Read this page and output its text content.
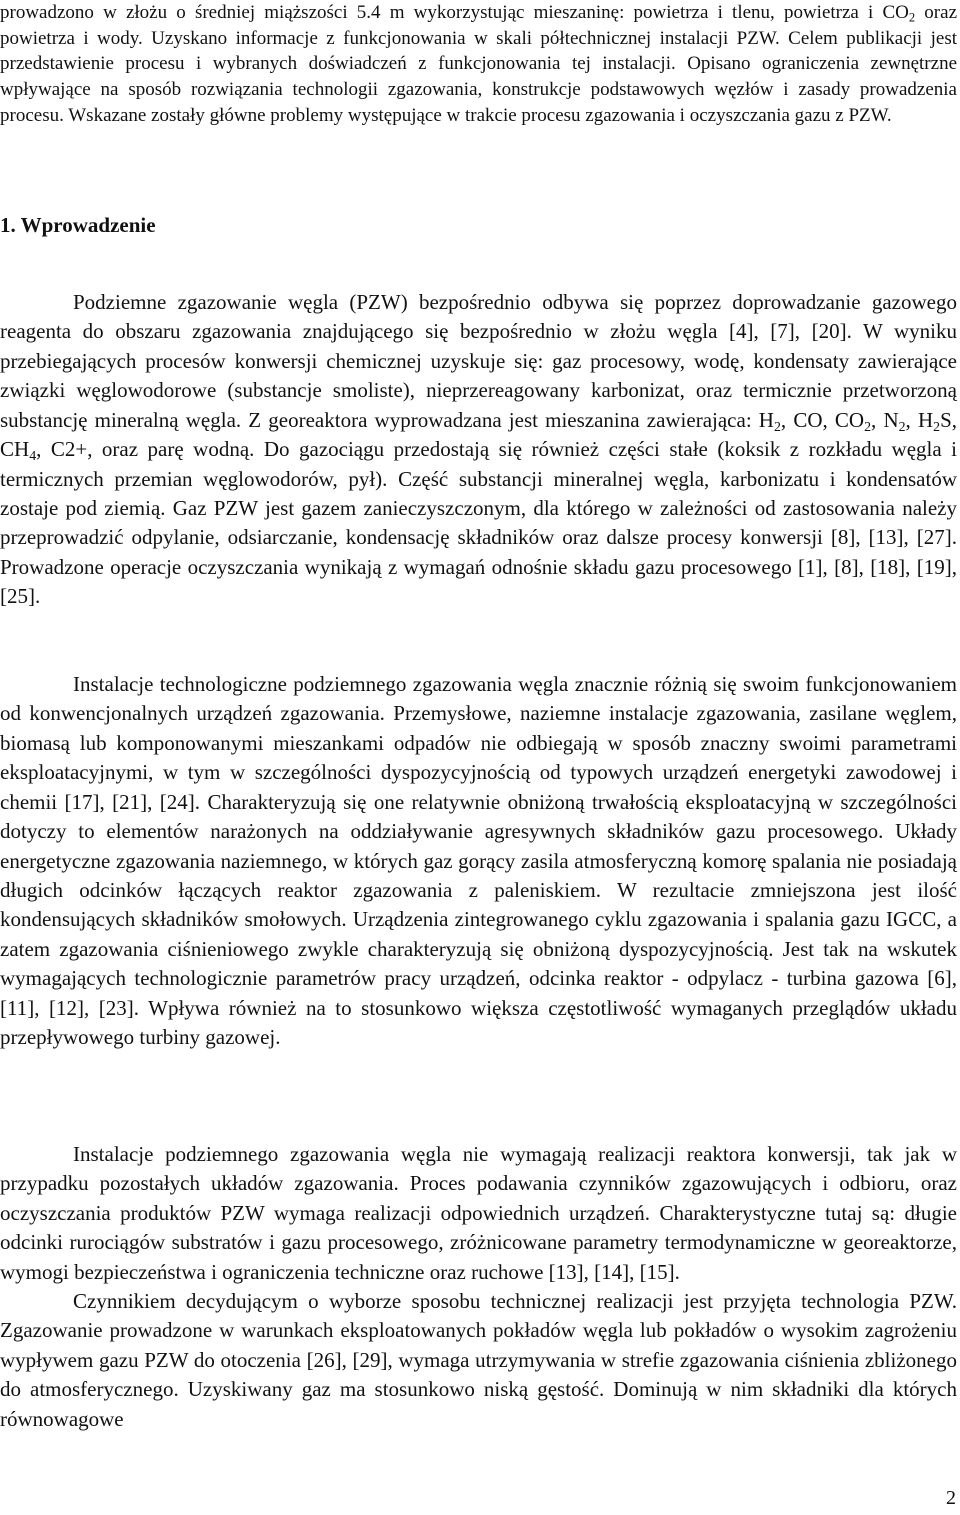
prowadzono w złożu o średniej miąższości 5.4 m wykorzystując mieszaninę: powietrza i tlenu, powietrza i $CO_2$ oraz powietrza i wody. Uzyskano informacje z funkcjonowania w skali półtechnicznej instalacji PZW. Celem publikacji jest przedstawienie procesu i wybranych doświadczeń z funkcjonowania tej instalacji. Opisano ograniczenia zewnętrzne wpływające na sposób rozwiązania technologii zgazowania, konstrukcje podstawowych węzłów i zasady prowadzenia procesu. Wskazane zostały główne problemy występujące w trakcie procesu zgazowania i oczyszczania gazu z PZW.

1. Wprowadzenie

Podziemne zgazowanie węgla (PZW) bezpośrednio odbywa się poprzez doprowadzanie gazowego reagenta do obszaru zgazowania znajdującego się bezpośrednio w złożu węgla [4], [7], [20]. W wyniku przebiegających procesów konwersji chemicznej uzyskuje się: gaz procesowy, wodę, kondensaty zawierające związki węglowodorowe (substancje smoliste), nieprzereagowany karbonizat, oraz termicznie przetworzoną substancję mineralną węgla. Z georeaktora wyprowadzana jest mieszanina zawierająca: $H_2$, CO, $CO_2$, $N_2$, $H_2S$, $CH_4$, C2+, oraz parę wodną. Do gazociągu przedostają się również części stałe (koksik z rozkładu węgla i termicznych przemian węglowodorów, pył). Część substancji mineralnej węgla, karbonizatu i kondensatów zostaje pod ziemią. Gaz PZW jest gazem zanieczyszczonym, dla którego w zależności od zastosowania należy przeprowadzić odpylanie, odsiarczanie, kondensację składników oraz dalsze procesy konwersji [8], [13], [27]. Prowadzone operacje oczyszczania wynikają z wymagań odnośnie składu gazu procesowego [1], [8], [18], [19], [25].

Instalacje technologiczne podziemnego zgazowania węgla znacznie różnią się swoim funkcjonowaniem od konwencjonalnych urządzeń zgazowania. Przemysłowe, naziemne instalacje zgazowania, zasilane węglem, biomasą lub komponowanymi mieszankami odpadów nie odbiegają w sposób znaczny swoimi parametrami eksploatacyjnymi, w tym w szczególności dyspozycyjnością od typowych urządzeń energetyki zawodowej i chemii [17], [21], [24]. Charakteryzują się one relatywnie obniżoną trwałością eksploatacyjną w szczególności dotyczy to elementów narażonych na oddziaływanie agresywnych składników gazu procesowego. Układy energetyczne zgazowania naziemnego, w których gaz gorący zasila atmosferyczną komorę spalania nie posiadają długich odcinków łączących reaktor zgazowania z paleniskiem. W rezultacie zmniejszona jest ilość kondensujących składników smołowych. Urządzenia zintegrowanego cyklu zgazowania i spalania gazu IGCC, a zatem zgazowania ciśnieniowego zwykle charakteryzują się obniżoną dyspozycyjnością. Jest tak na wskutek wymagających technologicznie parametrów pracy urządzeń, odcinka reaktor - odpylacz - turbina gazowa [6], [11], [12], [23]. Wpływa również na to stosunkowo większa częstotliwość wymaganych przeglądów układu przepływowego turbiny gazowej.

Instalacje podziemnego zgazowania węgla nie wymagają realizacji reaktora konwersji, tak jak w przypadku pozostałych układów zgazowania. Proces podawania czynników zgazowujących i odbioru, oraz oczyszczania produktów PZW wymaga realizacji odpowiednich urządzeń. Charakterystyczne tutaj są: długie odcinki rurociągów substratów i gazu procesowego, zróżnicowane parametry termodynamiczne w georeaktorze, wymogi bezpieczeństwa i ograniczenia techniczne oraz ruchowe [13], [14], [15].

Czynnikiem decydującym o wyborze sposobu technicznej realizacji jest przyjęta technologia PZW. Zgazowanie prowadzone w warunkach eksploatowanych pokładów węgla lub pokładów o wysokim zagrożeniu wypływem gazu PZW do otoczenia [26], [29], wymaga utrzymywania w strefie zgazowania ciśnienia zbliżonego do atmosferycznego. Uzyskiwany gaz ma stosunkowo niską gęstość. Dominują w nim składniki dla których równowagowe

2
